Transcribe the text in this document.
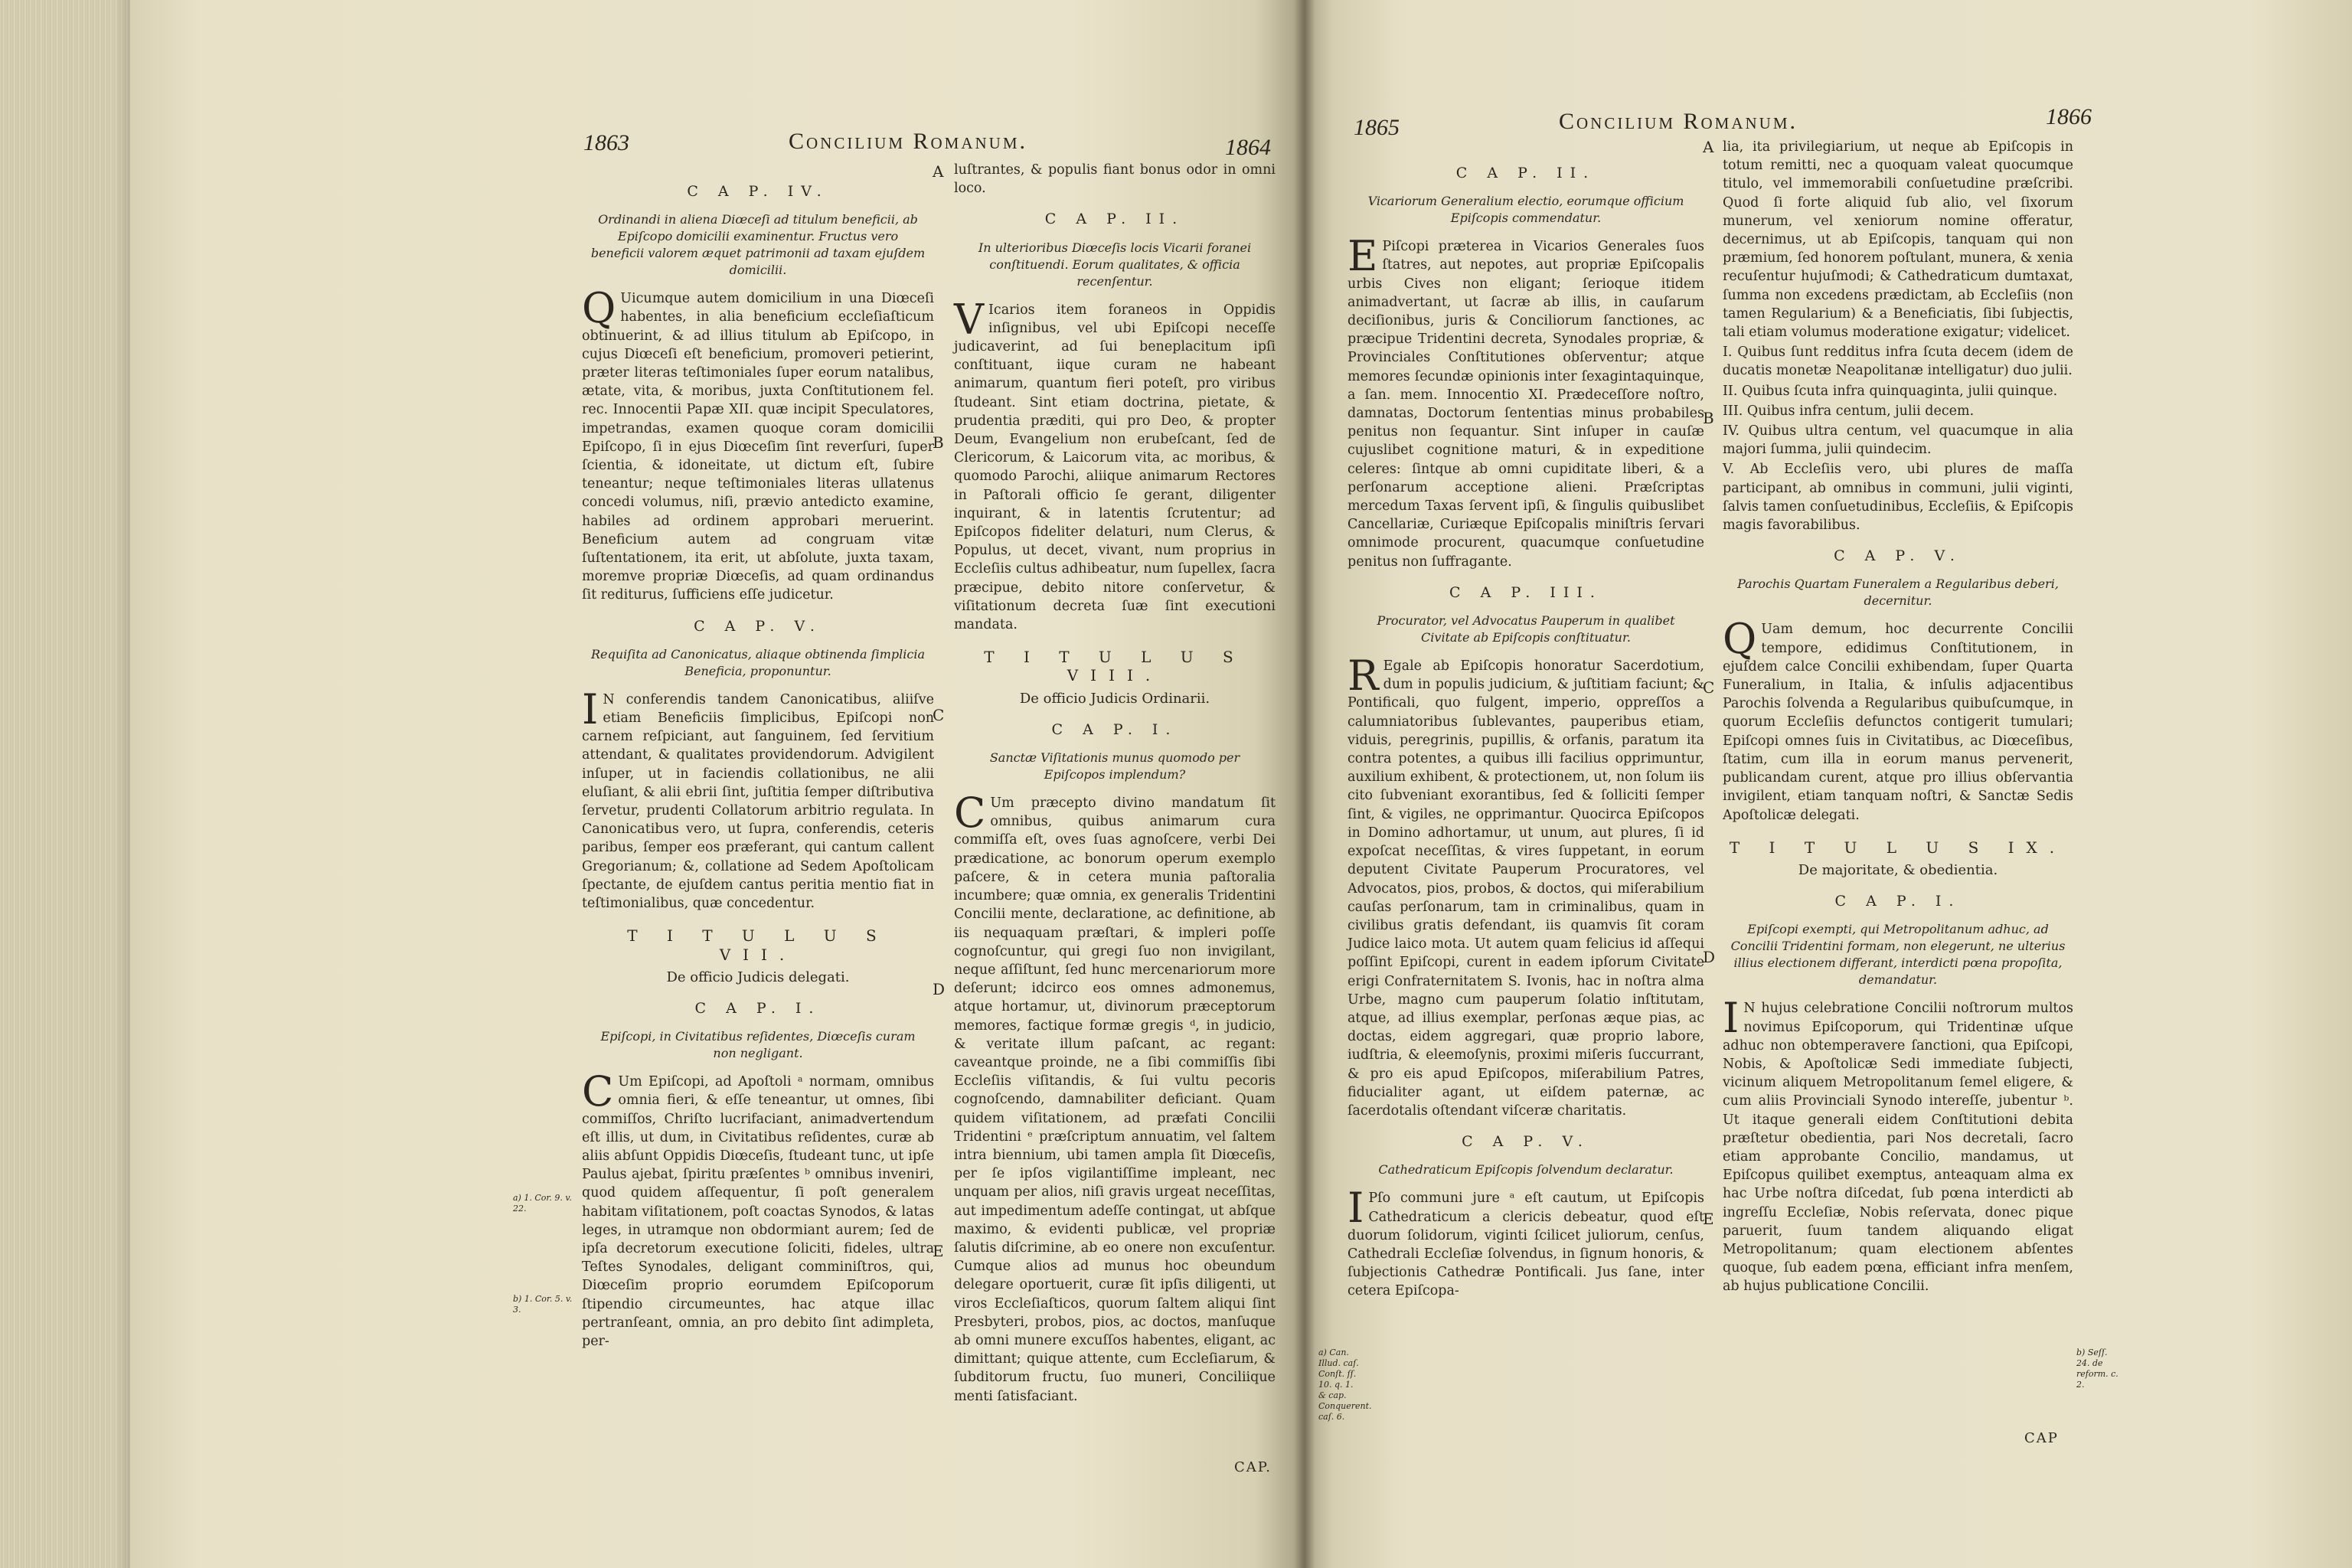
1863	Concilium Romanum.	1864
C A P. IV.
Ordinandi in aliena Diœceſi ad titulum beneficii, ab Epiſcopo domicilii examinentur. Fructus vero beneficii valorem æquet patrimonii ad taxam ejuſdem domicilii.

Q Uicumque autem domicilium in una Diœceſi habentes, in alia beneficium eccleſiaſticum obtinuerint, & ad illius titulum ab Epiſcopo, in cujus Diœceſi eſt beneficium, promoveri petierint, præter literas teſtimoniales ſuper eorum natalibus, ætate, vita, & moribus, juxta Conſtitutionem fel. rec. Innocentii Papæ XII. quæ incipit Speculatores, impetrandas, examen quoque coram domicilii Epiſcopo, ſi in ejus Diœceſim ſint reverſuri, ſuper ſcientia, & idoneitate, ut dictum eſt, ſubire teneantur; neque teſtimoniales literas ullatenus concedi volumus, niſi, prævio antedicto examine, habiles ad ordinem approbari meruerint. Beneficium autem ad congruam vitæ ſuſtentationem, ita erit, ut abſolute, juxta taxam, moremve propriæ Diœceſis, ad quam ordinandus ſit rediturus, ſufficiens eſſe judicetur.

C A P. V.
Requiſita ad Canonicatus, aliaque obtinenda ſimplicia Beneficia, proponuntur.

I N conferendis tandem Canonicatibus, aliiſve etiam Beneficiis ſimplicibus, Epiſcopi non carnem reſpiciant, aut ſanguinem, ſed ſervitium attendant, & qualitates providendorum. Advigilent inſuper, ut in faciendis collationibus, ne alii eluſiant, & alii ebrii ſint, juſtitia ſemper diſtributiva ſervetur, prudenti Collatorum arbitrio regulata. In Canonicatibus vero, ut ſupra, conferendis, ceteris paribus, ſemper eos præferant, qui cantum callent Gregorianum; &, collatione ad Sedem Apoſtolicam ſpectante, de ejuſdem cantus peritia mentio fiat in teſtimonialibus, quæ concedentur.

T I T U L U S VII.
De officio Judicis delegati.
C A P. I.
Epiſcopi, in Civitatibus reſidentes, Diœceſis curam non negligant.

C Um Epiſcopi, ad Apoſtoli ᵃ normam, omnibus omnia fieri, & eſſe teneantur, ut omnes, ſibi commiſſos, Chriſto lucrifaciant, animadvertendum eſt illis, ut dum, in Civitatibus reſidentes, curæ ab aliis abſunt Oppidis Diœceſis, ſtudeant tunc, ut ipſe Paulus ajebat, ſpiritu præſentes ᵇ omnibus inveniri, quod quidem aſſequentur, ſi poſt generalem habitam viſitationem, poſt coactas Synodos, & latas leges, in utramque non obdormiant aurem; ſed de ipſa decretorum executione ſoliciti, fideles, ultra Teſtes Synodales, deligant comminiſtros, qui, Diœceſim proprio eorumdem Epiſcoporum ſtipendio circumeuntes, hac atque illac pertranſeant, omnia, an pro debito ſint adimpleta, per-

a) 1. Cor. 9. v. 22.
b) 1. Cor. 5. v. 3.
A
B
C
D
E

luſtrantes, & populis fiant bonus odor in omni loco.

C A P. II.
In ulterioribus Diœceſis locis Vicarii foranei conſtituendi. Eorum qualitates, & officia recenſentur.

V Icarios item foraneos in Oppidis inſignibus, vel ubi Epiſcopi neceſſe judicaverint, ad ſui beneplacitum ipſi conſtituant, iique curam ne habeant animarum, quantum fieri poteſt, pro viribus ſtudeant. Sint etiam doctrina, pietate, & prudentia præditi, qui pro Deo, & propter Deum, Evangelium non erubeſcant, ſed de Clericorum, & Laicorum vita, ac moribus, & quomodo Parochi, aliique animarum Rectores in Paſtorali officio ſe gerant, diligenter inquirant, & in latentis ſcrutentur; ad Epiſcopos fideliter delaturi, num Clerus, & Populus, ut decet, vivant, num proprius in Eccleſiis cultus adhibeatur, num ſupellex, ſacra præcipue, debito nitore conſervetur, & viſitationum decreta ſuæ ſint executioni mandata.

T I T U L U S VIII.
De officio Judicis Ordinarii.
C A P. I.
Sanctæ Viſitationis munus quomodo per Epiſcopos implendum?

C Um præcepto divino mandatum ſit omnibus, quibus animarum cura commiſſa eſt, oves ſuas agnoſcere, verbi Dei prædicatione, ac bonorum operum exemplo paſcere, & in cetera munia paſtoralia incumbere; quæ omnia, ex generalis Tridentini Concilii mente, declaratione, ac definitione, ab iis nequaquam præſtari, & impleri poſſe cognoſcuntur, qui gregi ſuo non invigilant, neque aſſiſtunt, ſed hunc mercenariorum more deſerunt; idcirco eos omnes admonemus, atque hortamur, ut, divinorum præceptorum memores, factique formæ gregis ᵈ, in judicio, & veritate illum paſcant, ac regant: caveantque proinde, ne a ſibi commiſſis ſibi Eccleſiis viſitandis, & ſui vultu pecoris cognoſcendo, damnabiliter deficiant. Quam quidem viſitationem, ad præfati Concilii Tridentini ᵉ præſcriptum annuatim, vel ſaltem intra biennium, ubi tamen ampla ſit Diœceſis, per ſe ipſos vigilantiſſime impleant, nec unquam per alios, niſi gravis urgeat neceſſitas, aut impedimentum adeſſe contingat, ut abſque maximo, & evidenti publicæ, vel propriæ ſalutis diſcrimine, ab eo onere non excuſentur. Cumque alios ad munus hoc obeundum delegare oportuerit, curæ ſit ipſis diligenti, ut viros Eccleſiaſticos, quorum ſaltem aliqui ſint Presbyteri, probos, pios, ac doctos, manſuque ab omni munere excuſſos habentes, eligant, ac dimittant; quique attente, cum Eccleſiarum, & ſubditorum fructu, ſuo muneri, Conciliique menti ſatisfaciant.

CAP.
1865	Concilium Romanum.	1866
C A P. II.
Vicariorum Generalium electio, eorumque officium Epiſcopis commendatur.

E Piſcopi præterea in Vicarios Generales ſuos ſtatres, aut nepotes, aut propriæ Epiſcopalis urbis Cives non eligant; ſerioque itidem animadvertant, ut ſacræ ab illis, in cauſarum deciſionibus, juris & Conciliorum ſanctiones, ac præcipue Tridentini decreta, Synodales propriæ, & Provinciales Conſtitutiones obſerventur; atque memores ſecundæ opinionis inter ſexagintaquinque, a ſan. mem. Innocentio XI. Prædeceſſore noſtro, damnatas, Doctorum ſententias minus probabiles penitus non ſequantur. Sint inſuper in cauſæ cujuslibet cognitione maturi, & in expeditione celeres: ſintque ab omni cupiditate liberi, & a perſonarum acceptione alieni. Præſcriptas mercedum Taxas ſervent ipſi, & ſingulis quibuslibet Cancellariæ, Curiæque Epiſcopalis miniſtris ſervari omnimode procurent, quacumque conſuetudine penitus non ſuffragante.

C A P. III.
Procurator, vel Advocatus Pauperum in qualibet Civitate ab Epiſcopis conſtituatur.

R Egale ab Epiſcopis honoratur Sacerdotium, dum in populis judicium, & juſtitiam faciunt; & Pontificali, quo fulgent, imperio, oppreſſos a calumniatoribus ſublevantes, pauperibus etiam, viduis, peregrinis, pupillis, & orfanis, paratum ita contra potentes, a quibus illi facilius opprimuntur, auxilium exhibent, & protectionem, ut, non ſolum iis cito ſubveniant exorantibus, ſed & ſolliciti ſemper ſint, & vigiles, ne opprimantur. Quocirca Epiſcopos in Domino adhortamur, ut unum, aut plures, ſi id expoſcat neceſſitas, & vires ſuppetant, in eorum deputent Civitate Pauperum Procuratores, vel Advocatos, pios, probos, & doctos, qui miſerabilium cauſas perſonarum, tam in criminalibus, quam in civilibus gratis defendant, iis quamvis ſit coram Judice laico mota. Ut autem quam felicius id aſſequi poſſint Epiſcopi, curent in eadem ipſorum Civitate erigi Confraternitatem S. Ivonis, hac in noſtra alma Urbe, magno cum pauperum ſolatio inſtitutam, atque, ad illius exemplar, perſonas æque pias, ac doctas, eidem aggregari, quæ proprio labore, iudſtria, & eleemoſynis, proximi miſeris ſuccurrant, & pro eis apud Epiſcopos, miſerabilium Patres, fiducialiter agant, ut eiſdem paternæ, ac ſacerdotalis oſtendant viſceræ charitatis.

C A P. V.
Cathedraticum Epiſcopis ſolvendum declaratur.

I Pſo communi jure ᵃ eſt cautum, ut Epiſcopis Cathedraticum a clericis debeatur, quod eſt duorum ſolidorum, viginti ſcilicet juliorum, cenſus, Cathedrali Eccleſiæ ſolvendus, in ſignum honoris, & ſubjectionis Cathedræ Pontificali. Jus ſane, inter cetera Epiſcopa-

a) Can. Illud. caſ. Conſt. ſſ. 10. q. 1. & cap. Conquerent. caſ. 6.
A
B
C
D
E

lia, ita privilegiarium, ut neque ab Epiſcopis in totum remitti, nec a quoquam valeat quocumque titulo, vel immemorabili conſuetudine præſcribi. Quod ſi forte aliquid ſub alio, vel ſixorum munerum, vel xeniorum nomine offeratur, decernimus, ut ab Epiſcopis, tanquam qui non præmium, ſed honorem poſtulant, munera, & xenia recuſentur hujuſmodi; & Cathedraticum dumtaxat, ſumma non excedens prædictam, ab Eccleſiis (non tamen Regularium) & a Beneficiatis, ſibi ſubjectis, tali etiam volumus moderatione exigatur; videlicet.

I. Quibus ſunt redditus infra ſcuta decem (idem de ducatis monetæ Neapolitanæ intelligatur) duo julii.

II. Quibus ſcuta infra quinquaginta, julii quinque.

III. Quibus infra centum, julii decem.

IV. Quibus ultra centum, vel quacumque in alia majori ſumma, julii quindecim.

V. Ab Eccleſiis vero, ubi plures de maſſa participant, ab omnibus in communi, julii viginti, ſalvis tamen conſuetudinibus, Eccleſiis, & Epiſcopis magis favorabilibus.

C A P. V.
Parochis Quartam Funeralem a Regularibus deberi, decernitur.

Q Uam demum, hoc decurrente Concilii tempore, edidimus Conſtitutionem, in ejuſdem calce Concilii exhibendam, ſuper Quarta Funeralium, in Italia, & inſulis adjacentibus Parochis ſolvenda a Regularibus quibuſcumque, in quorum Eccleſiis defunctos contigerit tumulari; Epiſcopi omnes ſuis in Civitatibus, ac Diœceſibus, ſtatim, cum illa in eorum manus pervenerit, publicandam curent, atque pro illius obſervantia invigilent, etiam tanquam noſtri, & Sanctæ Sedis Apoſtolicæ delegati.

T I T U L U S IX.
De majoritate, & obedientia.
C A P. I.
Epiſcopi exempti, qui Metropolitanum adhuc, ad Concilii Tridentini formam, non elegerunt, ne ulterius illius electionem differant, interdicti pœna propoſita, demandatur.

I N hujus celebratione Concilii noſtrorum multos novimus Epiſcoporum, qui Tridentinæ uſque adhuc non obtemperavere ſanctioni, qua Epiſcopi, Nobis, & Apoſtolicæ Sedi immediate ſubjecti, vicinum aliquem Metropolitanum ſemel eligere, & cum aliis Provinciali Synodo intereſſe, jubentur ᵇ. Ut itaque generali eidem Conſtitutioni debita præſtetur obedientia, pari Nos decretali, ſacro etiam approbante Concilio, mandamus, ut Epiſcopus quilibet exemptus, anteaquam alma ex hac Urbe noſtra diſcedat, ſub pœna interdicti ab ingreſſu Eccleſiæ, Nobis reſervata, donec pique paruerit, ſuum tandem aliquando eligat Metropolitanum; quam electionem abſentes quoque, ſub eadem pœna, efficiant infra menſem, ab hujus publicatione Concilii.

b) Seſſ. 24. de reform. c. 2.
CAP
